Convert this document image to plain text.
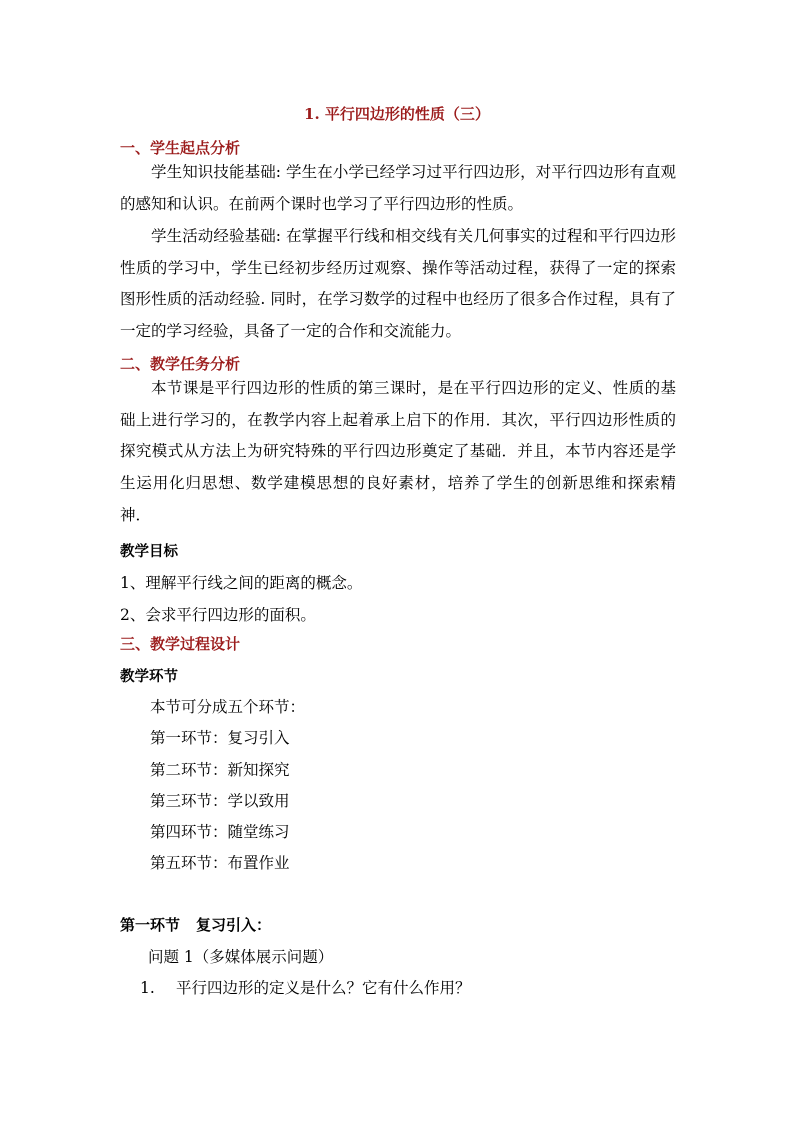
1. 平行四边形的性质（三）
一、学生起点分析

学生知识技能基础: 学生在小学已经学习过平行四边形，对平行四边形有直观的感知和认识。在前两个课时也学习了平行四边形的性质。

学生活动经验基础: 在掌握平行线和相交线有关几何事实的过程和平行四边形性质的学习中，学生已经初步经历过观察、操作等活动过程，获得了一定的探索图形性质的活动经验. 同时，在学习数学的过程中也经历了很多合作过程，具有了一定的学习经验，具备了一定的合作和交流能力。

二、教学任务分析

本节课是平行四边形的性质的第三课时，是在平行四边形的定义、性质的基础上进行学习的，在教学内容上起着承上启下的作用．其次，平行四边形性质的探究模式从方法上为研究特殊的平行四边形奠定了基础．并且，本节内容还是学生运用化归思想、数学建模思想的良好素材，培养了学生的创新思维和探索精神．

教学目标
1、理解平行线之间的距离的概念。
2、会求平行四边形的面积。
三、教学过程设计
教学环节
本节可分成五个环节：
第一环节：复习引入
第二环节：新知探究
第三环节：学以致用
第四环节：随堂练习
第五环节：布置作业
第一环节 复习引入：
问题 1（多媒体展示问题）
1. 平行四边形的定义是什么？它有什么作用？
